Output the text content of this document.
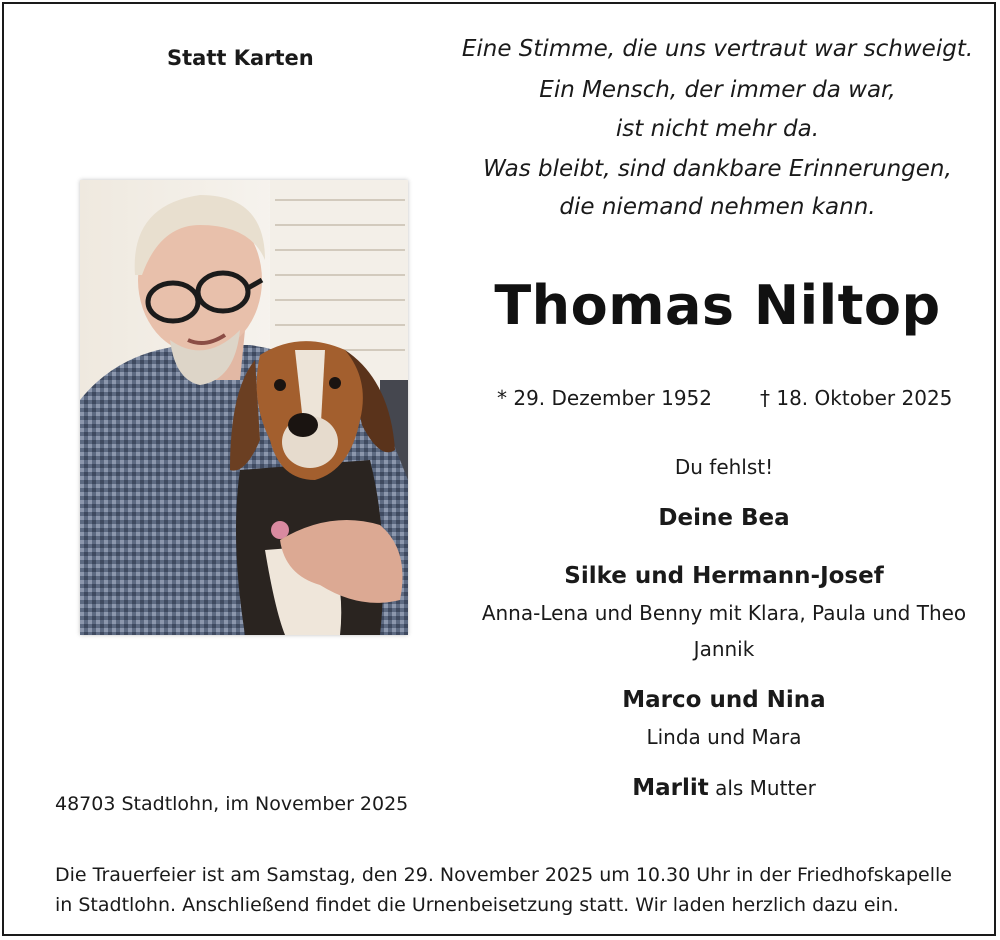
Statt Karten	Eine Stimme, die uns vertraut war schweigt.
Ein Mensch, der immer da war,
ist nicht mehr da.
Was bleibt, sind dankbare Erinnerungen,
die niemand nehmen kann.
Thomas Niltop
* 29. Dezember 1952 † 18. Oktober 2025
Du fehlst!
Deine Bea
Silke und Hermann-Josef
Anna-Lena und Benny mit Klara, Paula und Theo
Jannik
Marco und Nina
Linda und Mara
Marlit als Mutter
48703 Stadtlohn, im November 2025
Die Trauerfeier ist am Samstag, den 29. November 2025 um 10.30 Uhr in der Friedhofskapelle
in Stadtlohn. Anschließend findet die Urnenbeisetzung statt. Wir laden herzlich dazu ein.
